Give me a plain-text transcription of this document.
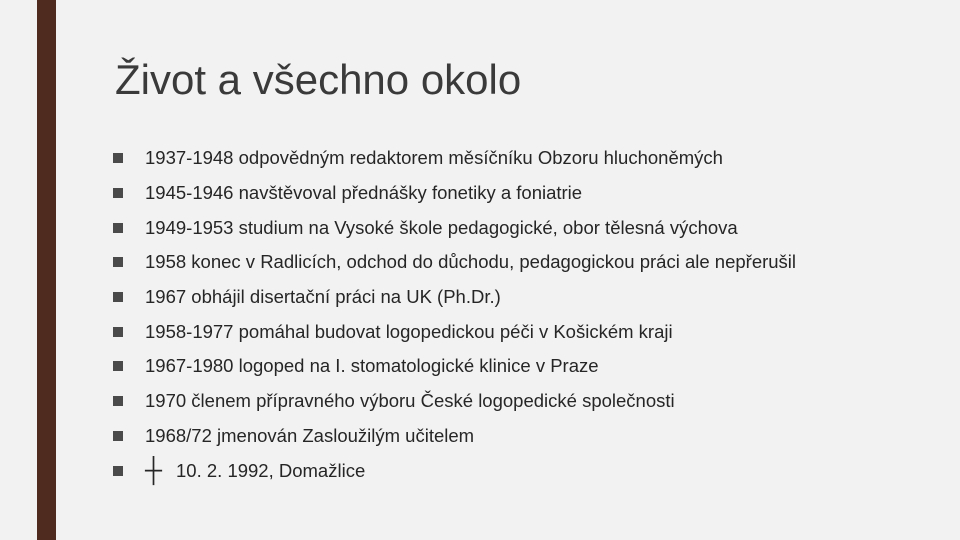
Život a všechno okolo
1937-1948 odpovědným redaktorem měsíčníku Obzoru hluchoněmých
1945-1946 navštěvoval přednášky fonetiky a foniatrie
1949-1953 studium na Vysoké škole pedagogické, obor tělesná výchova
1958 konec v Radlicích, odchod do důchodu, pedagogickou práci ale nepřerušil
1967 obhájil disertační práci na UK (Ph.Dr.)
1958-1977 pomáhal budovat logopedickou péči v Košickém kraji
1967-1980 logoped na I. stomatologické klinice v Praze
1970 členem přípravného výboru České logopedické společnosti
1968/72 jmenován Zasloužilým učitelem
┼ 10. 2. 1992, Domažlice
